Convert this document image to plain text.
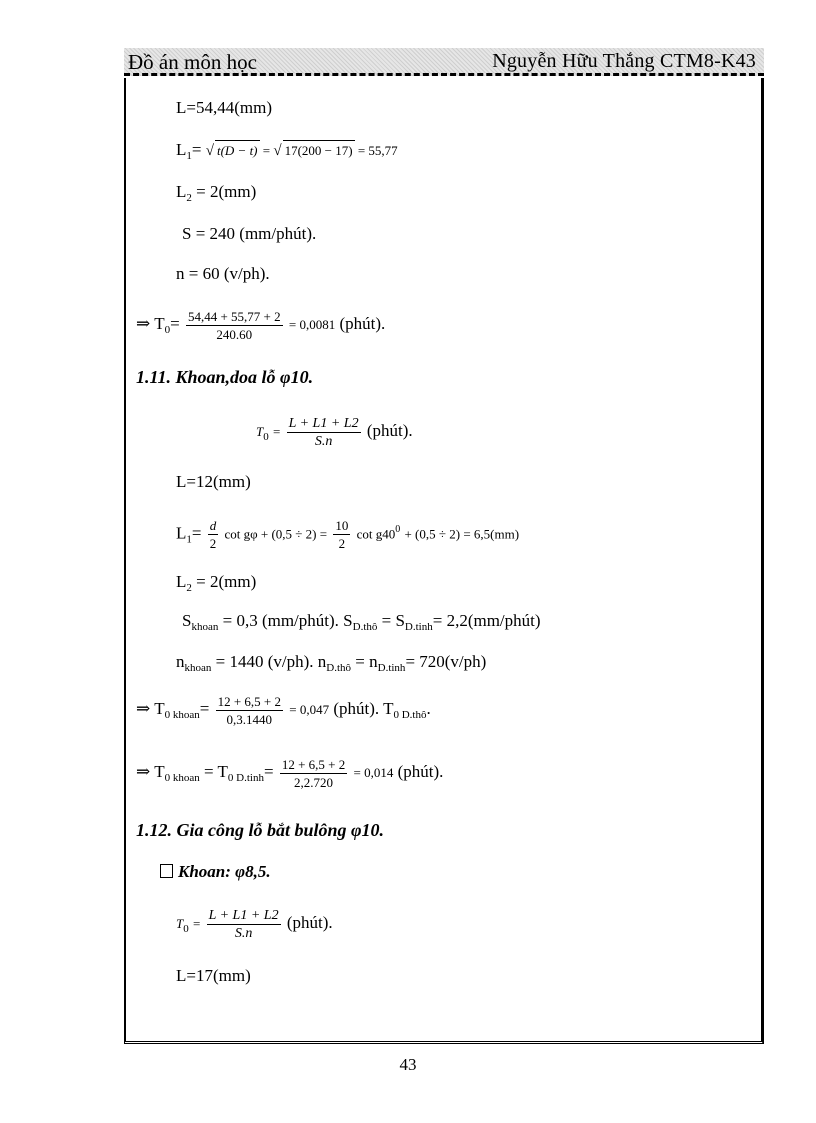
Đồ án môn học	Nguyễn Hữu Thắng CTM8-K43
L=54,44(mm)
$L_1=$ √ t(D − t) = √ 17(200 − 17) = 55,77
$L_2 = 2(mm)$
S = 240 (mm/phút).
n = 60 (v/ph).
⇒ $T_0= \frac{54,44 + 55,77 + 2}{240.60} = 0,0081$ (phút).
1.11. Khoan,doa lỗ φ10.
$T_0 = \frac{L + L1 + L2}{S.n}$ (phút).
L=12(mm)
$L_1= \frac{d}{2}$ $\cot g\varphi + (0,5 \div 2) = \frac{10}{2}$ $\cot g40^0 + (0,5 \div 2) = 6,5(mm)$
$L_2 = 2(mm)$
$S_{khoan} = 0,3$ (mm/phút). $S_{D.thô} = S_{D.tinh}=$ 2,2(mm/phút)
$n_{khoan} = 1440$ (v/ph). $n_{D.thô} = n_{D.tinh}= 720(v/ph)$
⇒ $T_{0 khoan}= \frac{12 + 6,5 + 2}{0,3.1440} = 0,047$ (phút). $T_{0 D.thô}$.
⇒ $T_{0 khoan} = T_{0 D.tinh}= \frac{12 + 6,5 + 2}{2,2.720} = 0,014$ (phút).
1.12. Gia công lỗ bắt bulông φ10.
Khoan: φ8,5.
$T_0 = \frac{L + L1 + L2}{S.n}$ (phút).
L=17(mm)
43
